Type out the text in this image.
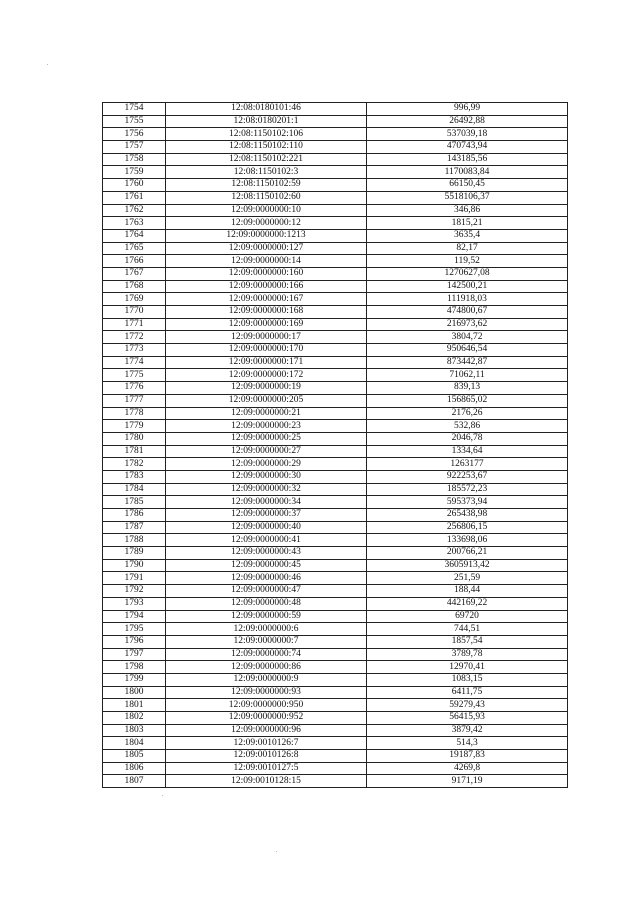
1754	12:08:0180101:46	996,99
1755	12:08:0180201:1	26492,88
1756	12:08:1150102:106	537039,18
1757	12:08:1150102:110	470743,94
1758	12:08:1150102:221	143185,56
1759	12:08:1150102:3	1170083,84
1760	12:08:1150102:59	66150,45
1761	12:08:1150102:60	5518106,37
1762	12:09:0000000:10	346,86
1763	12:09:0000000:12	1815,21
1764	12:09:0000000:1213	3635,4
1765	12:09:0000000:127	82,17
1766	12:09:0000000:14	119,52
1767	12:09:0000000:160	1270627,08
1768	12:09:0000000:166	142500,21
1769	12:09:0000000:167	111918,03
1770	12:09:0000000:168	474800,67
1771	12:09:0000000:169	216973,62
1772	12:09:0000000:17	3804,72
1773	12:09:0000000:170	950646,54
1774	12:09:0000000:171	873442,87
1775	12:09:0000000:172	71062,11
1776	12:09:0000000:19	839,13
1777	12:09:0000000:205	156865,02
1778	12:09:0000000:21	2176,26
1779	12:09:0000000:23	532,86
1780	12:09:0000000:25	2046,78
1781	12:09:0000000:27	1334,64
1782	12:09:0000000:29	1263177
1783	12:09:0000000:30	922253,67
1784	12:09:0000000:32	185572,23
1785	12:09:0000000:34	595373,94
1786	12:09:0000000:37	265438,98
1787	12:09:0000000:40	256806,15
1788	12:09:0000000:41	133698,06
1789	12:09:0000000:43	200766,21
1790	12:09:0000000:45	3605913,42
1791	12:09:0000000:46	251,59
1792	12:09:0000000:47	188,44
1793	12:09:0000000:48	442169,22
1794	12:09:0000000:59	69720
1795	12:09:0000000:6	744,51
1796	12:09:0000000:7	1857,54
1797	12:09:0000000:74	3789,78
1798	12:09:0000000:86	12970,41
1799	12:09:0000000:9	1083,15
1800	12:09:0000000:93	6411,75
1801	12:09:0000000:950	59279,43
1802	12:09:0000000:952	56415,93
1803	12:09:0000000:96	3879,42
1804	12:09:0010126:7	514,3
1805	12:09:0010126:8	19187,83
1806	12:09:0010127:5	4269,8
1807	12:09:0010128:15	9171,19
